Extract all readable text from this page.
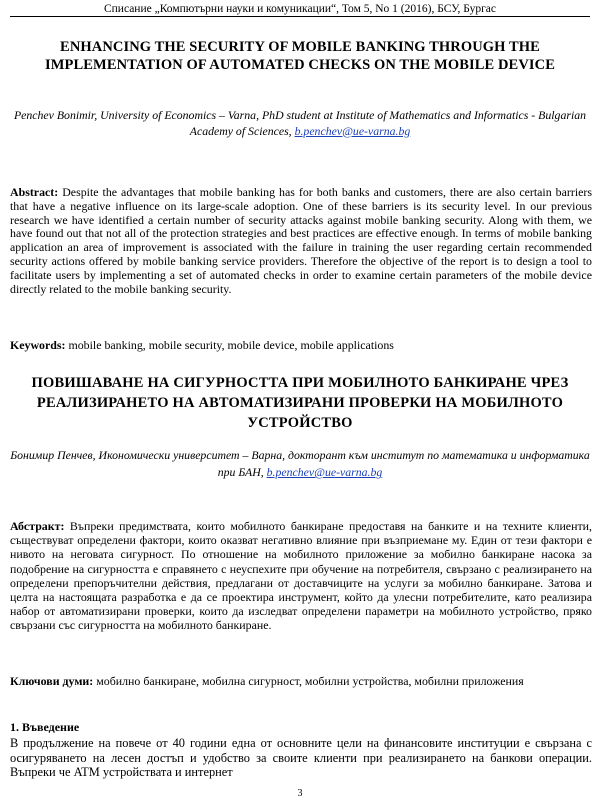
Списание „Компютърни науки и комуникации“, Том 5, No 1 (2016), БСУ, Бургас
ENHANCING THE SECURITY OF MOBILE BANKING THROUGH THE IMPLEMENTATION OF AUTOMATED CHECKS ON THE MOBILE DEVICE
Penchev Bonimir, University of Economics – Varna, PhD student at Institute of Mathematics and Informatics - Bulgarian Academy of Sciences, b.penchev@ue-varna.bg
Abstract: Despite the advantages that mobile banking has for both banks and customers, there are also certain barriers that have a negative influence on its large-scale adoption. One of these barriers is its security level. In our previous research we have identified a certain number of security attacks against mobile banking security. Along with them, we have found out that not all of the protection strategies and best practices are effective enough. In terms of mobile banking application an area of improvement is associated with the failure in training the user regarding certain recommended security actions offered by mobile banking service providers. Therefore the objective of the report is to design a tool to facilitate users by implementing a set of automated checks in order to examine certain parameters of the mobile device directly related to the mobile banking security.
Keywords: mobile banking, mobile security, mobile device, mobile applications
ПОВИШАВАНЕ НА СИГУРНОСТТА ПРИ МОБИЛНОТО БАНКИРАНЕ ЧРЕЗ РЕАЛИЗИРАНЕТО НА АВТОМАТИЗИРАНИ ПРОВЕРКИ НА МОБИЛНОТО УСТРОЙСТВО
Бонимир Пенчев, Икономически университет – Варна, докторант към институт по математика и информатика при БАН, b.penchev@ue-varna.bg
Абстракт: Въпреки предимствата, които мобилното банкиране предоставя на банките и на техните клиенти, съществуват определени фактори, които оказват негативно влияние при възприемане му. Един от тези фактори е нивото на неговата сигурност. По отношение на мобилното приложение за мобилно банкиране насока за подобрение на сигурността е справянето с неуспехите при обучение на потребителя, свързано с реализирането на определени препоръчителни действия, предлагани от доставчиците на услуги за мобилно банкиране. Затова и целта на настоящата разработка е да се проектира инструмент, който да улесни потребителите, като реализира набор от автоматизирани проверки, които да изследват определени параметри на мобилното устройство, пряко свързани със сигурността на мобилното банкиране.
Ключови думи: мобилно банкиране, мобилна сигурност, мобилни устройства, мобилни приложения
1. Въведение
В продължение на повече от 40 години една от основните цели на финансовите институции е свързана с осигуряването на лесен достъп и удобство за своите клиенти при реализирането на банкови операции. Въпреки че ATM устройствата и интернет
3
